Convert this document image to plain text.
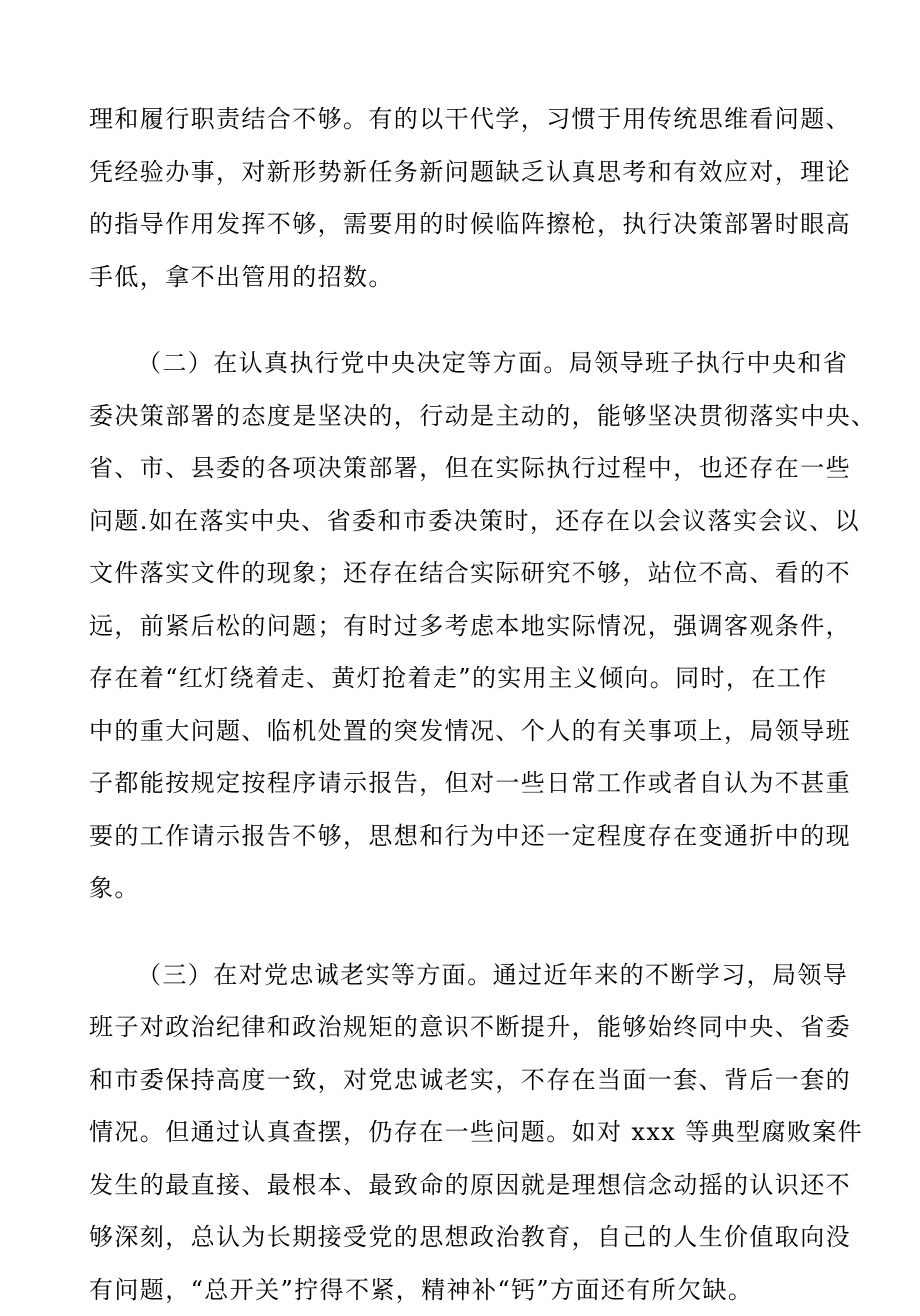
理和履行职责结合不够。有的以干代学，习惯于用传统思维看问题、
凭经验办事，对新形势新任务新问题缺乏认真思考和有效应对，理论
的指导作用发挥不够，需要用的时候临阵擦枪，执行决策部署时眼高
手低，拿不出管用的招数。

（二）在认真执行党中央决定等方面。局领导班子执行中央和省
委决策部署的态度是坚决的，行动是主动的，能够坚决贯彻落实中央、
省、市、县委的各项决策部署，但在实际执行过程中，也还存在一些
问题.如在落实中央、省委和市委决策时，还存在以会议落实会议、以
文件落实文件的现象；还存在结合实际研究不够，站位不高、看的不
远，前紧后松的问题；有时过多考虑本地实际情况，强调客观条件，
存在着“红灯绕着走、黄灯抢着走”的实用主义倾向。同时，在工作
中的重大问题、临机处置的突发情况、个人的有关事项上，局领导班
子都能按规定按程序请示报告，但对一些日常工作或者自认为不甚重
要的工作请示报告不够，思想和行为中还一定程度存在变通折中的现
象。

（三）在对党忠诚老实等方面。通过近年来的不断学习，局领导
班子对政治纪律和政治规矩的意识不断提升，能够始终同中央、省委
和市委保持高度一致，对党忠诚老实，不存在当面一套、背后一套的
情况。但通过认真查摆，仍存在一些问题。如对 xxx 等典型腐败案件
发生的最直接、最根本、最致命的原因就是理想信念动摇的认识还不
够深刻，总认为长期接受党的思想政治教育，自己的人生价值取向没
有问题，“总开关”拧得不紧，精神补“钙”方面还有所欠缺。
